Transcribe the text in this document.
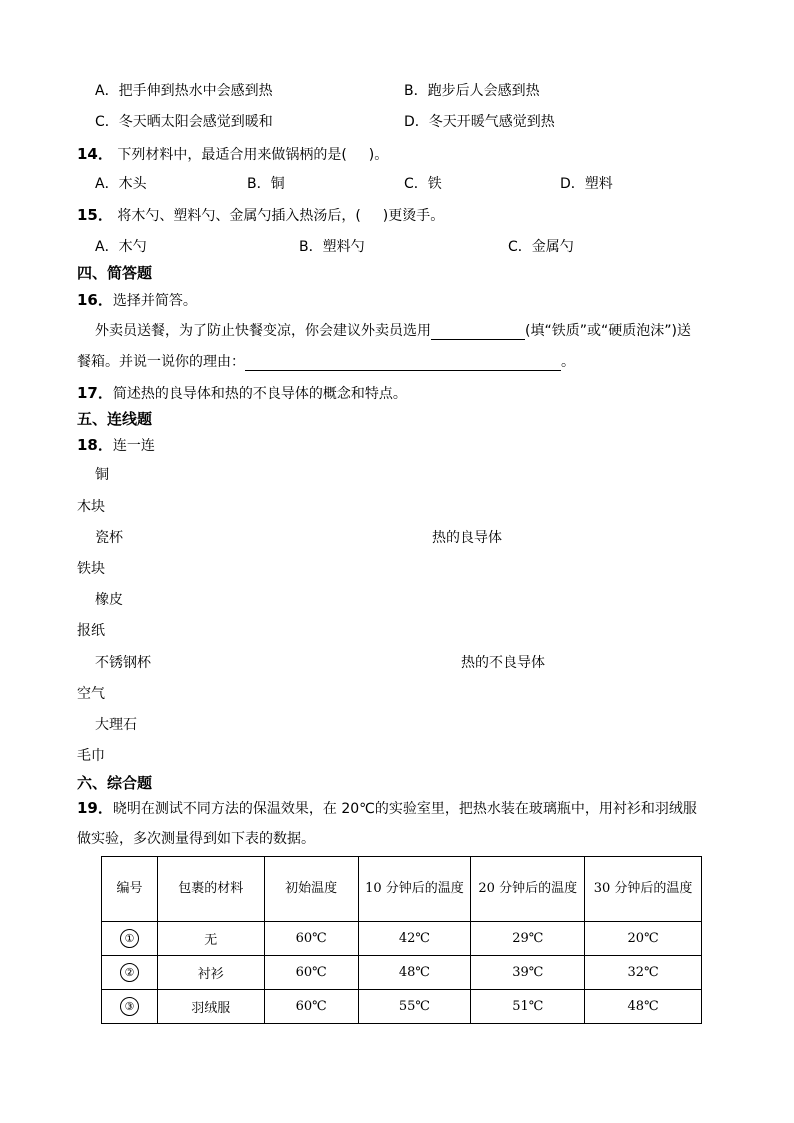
A．把手伸到热水中会感到热	B．跑步后人会感到热
C．冬天晒太阳会感觉到暖和	D．冬天开暖气感觉到热
14． 下列材料中，最适合用来做锅柄的是( )。
A．木头	B．铜	C．铁	D．塑料
15． 将木勺、塑料勺、金属勺插入热汤后，( )更烫手。
A．木勺	B．塑料勺	C．金属勺
四、简答题
16．选择并简答。
外卖员送餐，为了防止快餐变凉，你会建议外卖员选用	(填“铁质”或“硬质泡沫”)送
餐箱。并说一说你的理由：	。
17．简述热的良导体和热的不良导体的概念和特点。
五、连线题
18．连一连
铜
木块
瓷杯	热的良导体
铁块
橡皮
报纸
不锈钢杯	热的不良导体
空气
大理石
毛巾
六、综合题
19．晓明在测试不同方法的保温效果，在 20℃的实验室里，把热水装在玻璃瓶中，用衬衫和羽绒服
做实验，多次测量得到如下表的数据。
编号	包裹的材料	初始温度	10 分钟后的温度	20 分钟后的温度	30 分钟后的温度
①	无	60℃	42℃	29℃	20℃
②	衬衫	60℃	48℃	39℃	32℃
③	羽绒服	60℃	55℃	51℃	48℃
